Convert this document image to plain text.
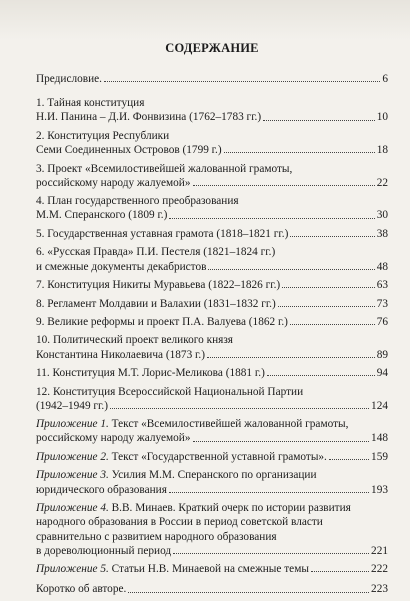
СОДЕРЖАНИЕ
Предисловие.	6
1. Тайная конституция
Н.И. Панина – Д.И. Фонвизина (1762–1783 гг.)	10
2. Конституция Республики
Семи Соединенных Островов (1799 г.)	18
3. Проект «Всемилостивейшей жалованной грамоты,
российскому народу жалуемой»	22
4. План государственного преобразования
М.М. Сперанского (1809 г.)	30
5. Государственная уставная грамота (1818–1821 гг.)	38
6. «Русская Правда» П.И. Пестеля (1821–1824 гг.)
и смежные документы декабристов	48
7. Конституция Никиты Муравьева (1822–1826 гг.)	63
8. Регламент Молдавии и Валахии (1831–1832 гг.)	73
9. Великие реформы и проект П.А. Валуева (1862 г.)	76
10. Политический проект великого князя
Константина Николаевича (1873 г.)	89
11. Конституция М.Т. Лорис-Меликова (1881 г.)	94
12. Конституция Всероссийской Национальной Партии
(1942–1949 гг.)	124
Приложение 1. Текст «Всемилостивейшей жалованной грамоты,
российскому народу жалуемой»	148
Приложение 2. Текст «Государственной уставной грамоты».	159
Приложение 3. Усилия М.М. Сперанского по организации
юридического образования	193
Приложение 4. В.В. Минаев. Краткий очерк по истории развития
народного образования в России в период советской власти
сравнительно с развитием народного образования
в дореволюционный период	221
Приложение 5. Статьи Н.В. Минаевой на смежные темы	222
Коротко об авторе.	223
